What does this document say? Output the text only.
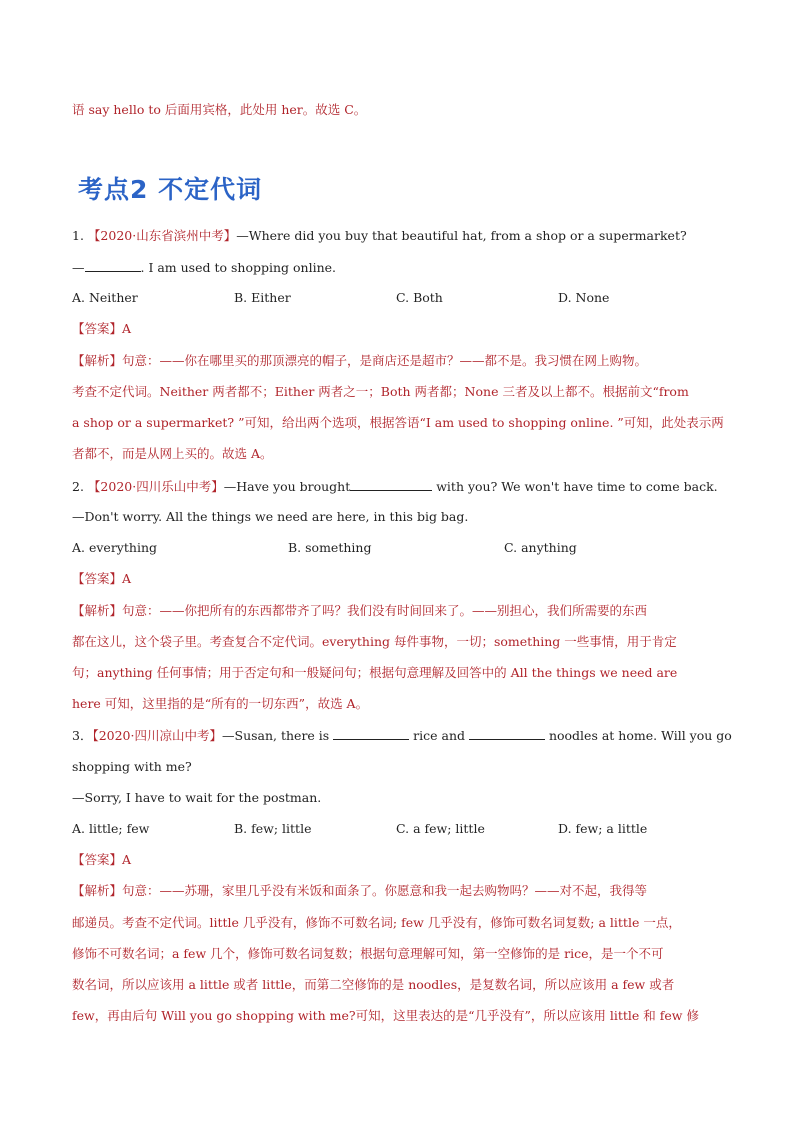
语 say hello to 后面用宾格，此处用 her。故选 C。
考点2 不定代词
1. 【2020·山东省滨州中考】—Where did you buy that beautiful hat, from a shop or a supermarket?
—	. I am used to shopping online.
A. Neither	B. Either	C. Both	D. None
【答案】A
【解析】句意：——你在哪里买的那顶漂亮的帽子，是商店还是超市？——都不是。我习惯在网上购物。
考查不定代词。Neither 两者都不；Either 两者之一；Both 两者都；None 三者及以上都不。根据前文“from
a shop or a supermarket? ”可知，给出两个选项，根据答语“I am used to shopping online. ”可知，此处表示两
者都不，而是从网上买的。故选 A。
2. 【2020·四川乐山中考】—Have you brought	with you? We won't have time to come back.
—Don't worry. All the things we need are here, in this big bag.
A. everything	B. something	C. anything
【答案】A
【解析】句意：——你把所有的东西都带齐了吗？我们没有时间回来了。——别担心，我们所需要的东西
都在这儿，这个袋子里。考查复合不定代词。everything 每件事物，一切；something 一些事情，用于肯定
句；anything 任何事情；用于否定句和一般疑问句；根据句意理解及回答中的 All the things we need are
here 可知，这里指的是“所有的一切东西”，故选 A。
3．【2020·四川凉山中考】—Susan, there is	rice and	noodles at home. Will you go
shopping with me?
—Sorry, I have to wait for the postman.
A. little; few	B. few; little	C. a few; little	D. few; a little
【答案】A
【解析】句意：——苏珊，家里几乎没有米饭和面条了。你愿意和我一起去购物吗？——对不起，我得等
邮递员。考查不定代词。little 几乎没有，修饰不可数名词; few 几乎没有，修饰可数名词复数; a little 一点，
修饰不可数名词；a few 几个，修饰可数名词复数；根据句意理解可知，第一空修饰的是 rice，是一个不可
数名词，所以应该用 a little 或者 little，而第二空修饰的是 noodles，是复数名词，所以应该用 a few 或者
few，再由后句 Will you go shopping with me?可知，这里表达的是“几乎没有”，所以应该用 little 和 few 修
